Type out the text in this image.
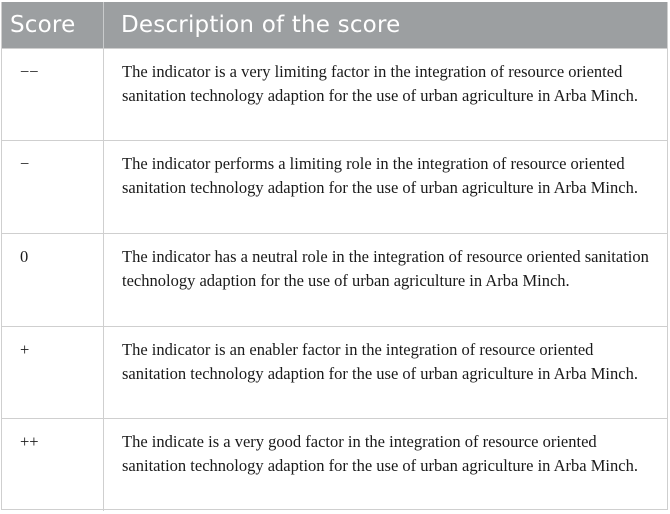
Score	Description of the score
−−	The indicator is a very limiting factor in the integration of resource oriented sanitation technology adaption for the use of urban agriculture in Arba Minch.
−	The indicator performs a limiting role in the integration of resource oriented sanitation technology adaption for the use of urban agriculture in Arba Minch.
0	The indicator has a neutral role in the integration of resource oriented sanitation technology adaption for the use of urban agriculture in Arba Minch.
+	The indicator is an enabler factor in the integration of resource oriented sanitation technology adaption for the use of urban agriculture in Arba Minch.
++	The indicate is a very good factor in the integration of resource oriented sanitation technology adaption for the use of urban agriculture in Arba Minch.
